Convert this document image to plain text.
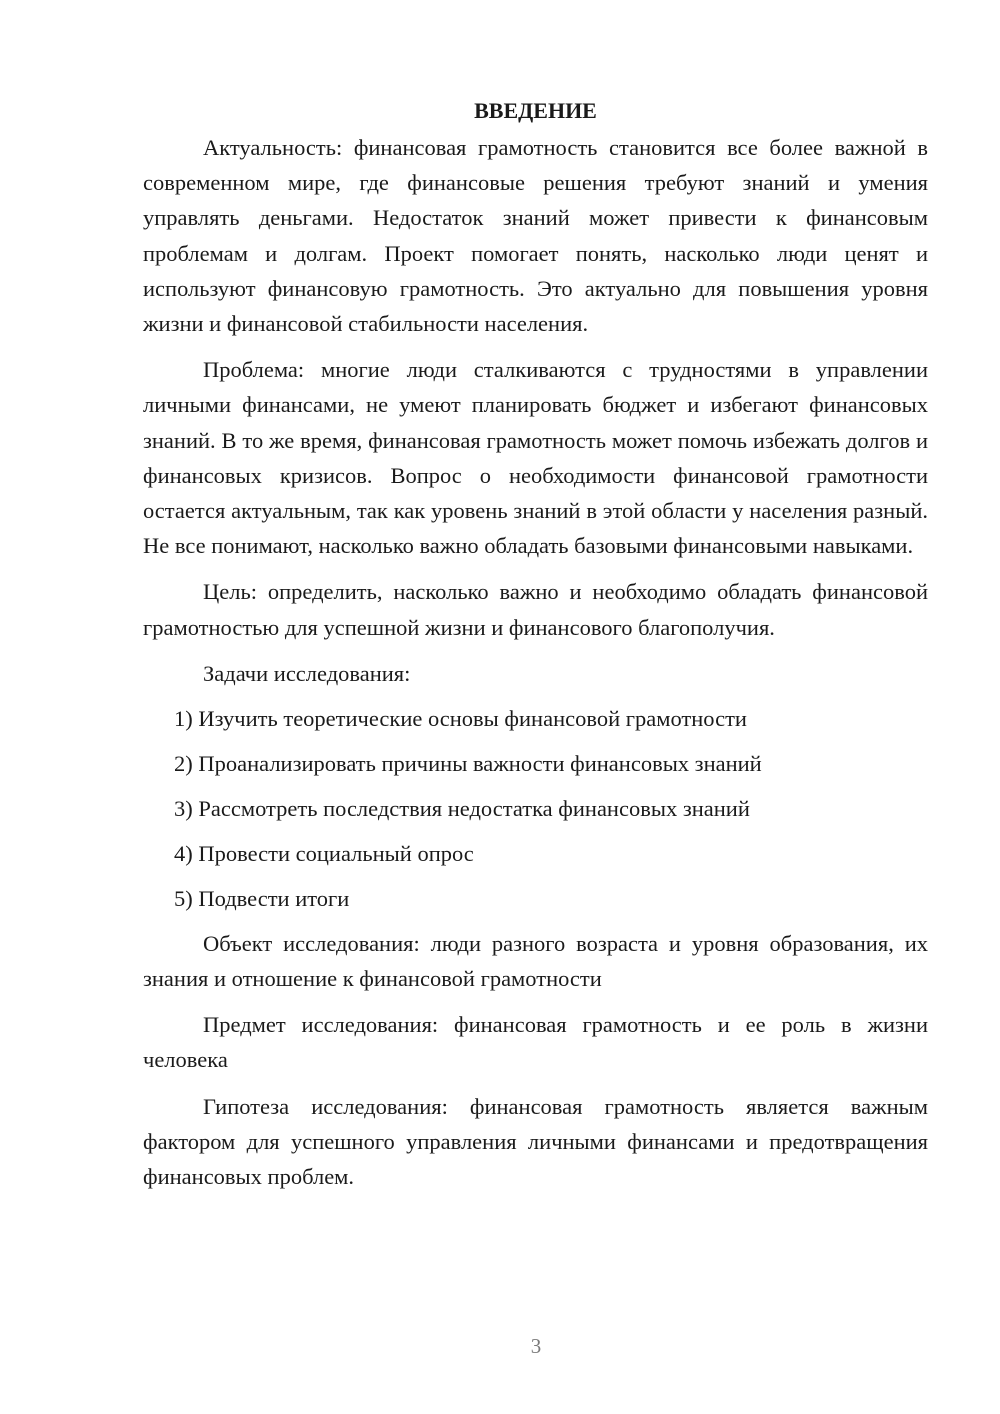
ВВЕДЕНИЕ

Актуальность: финансовая грамотность становится все более важной в современном мире, где финансовые решения требуют знаний и умения управлять деньгами. Недостаток знаний может привести к финансовым проблемам и долгам. Проект помогает понять, насколько люди ценят и используют финансовую грамотность. Это актуально для повышения уровня жизни и финансовой стабильности населения.

Проблема: многие люди сталкиваются с трудностями в управлении личными финансами, не умеют планировать бюджет и избегают финансовых знаний. В то же время, финансовая грамотность может помочь избежать долгов и финансовых кризисов. Вопрос о необходимости финансовой грамотности остается актуальным, так как уровень знаний в этой области у населения разный. Не все понимают, насколько важно обладать базовыми финансовыми навыками.

Цель: определить, насколько важно и необходимо обладать финансовой грамотностью для успешной жизни и финансового благополучия.

Задачи исследования:

1) Изучить теоретические основы финансовой грамотности
2) Проанализировать причины важности финансовых знаний
3) Рассмотреть последствия недостатка финансовых знаний
4) Провести социальный опрос
5) Подвести итоги

Объект исследования: люди разного возраста и уровня образования, их знания и отношение к финансовой грамотности

Предмет исследования: финансовая грамотность и ее роль в жизни человека

Гипотеза исследования: финансовая грамотность является важным фактором для успешного управления личными финансами и предотвращения финансовых проблем.

3
